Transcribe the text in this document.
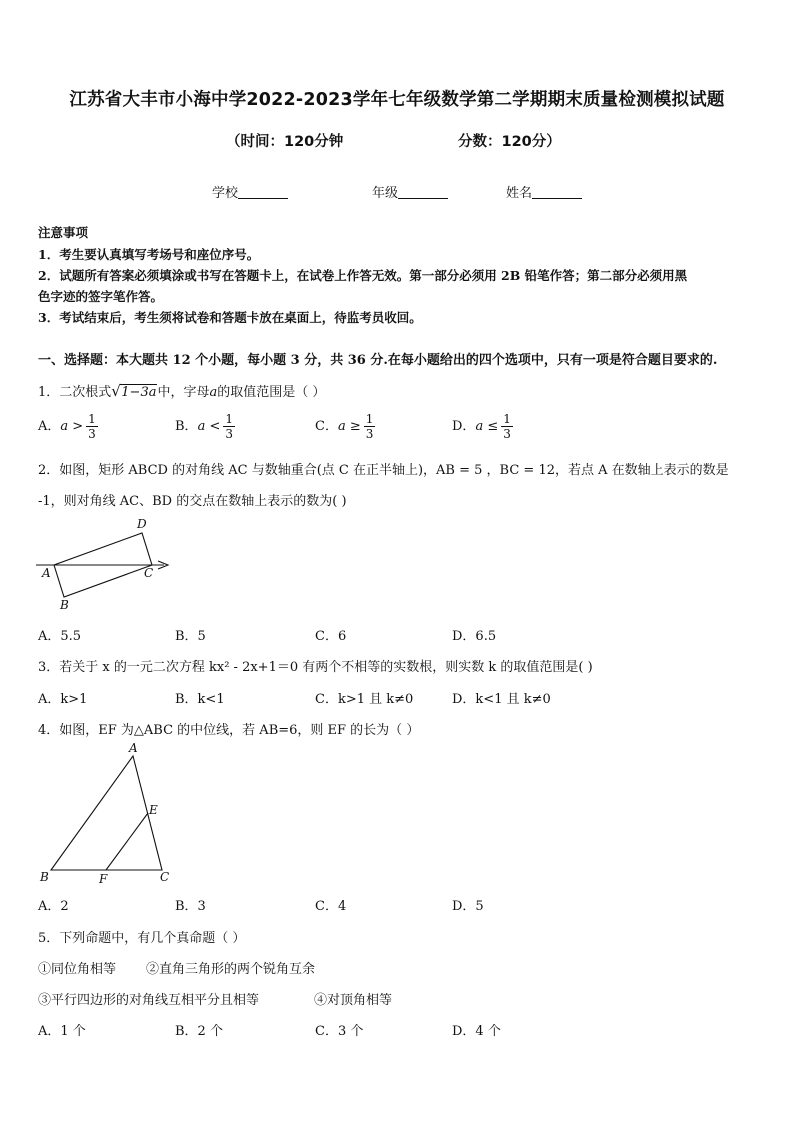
江苏省大丰市小海中学2022-2023学年七年级数学第二学期期末质量检测模拟试题
（时间：120分钟	分数：120分）
学校	年级	姓名
注意事项
1．考生要认真填写考场号和座位序号。
2．试题所有答案必须填涂或书写在答题卡上，在试卷上作答无效。第一部分必须用 2B 铅笔作答；第二部分必须用黑
色字迹的签字笔作答。
3．考试结束后，考生须将试卷和答题卡放在桌面上，待监考员收回。
一、选择题：本大题共 12 个小题，每小题 3 分，共 36 分.在每小题给出的四个选项中，只有一项是符合题目要求的.
1．二次根式 √ 1−3a中，字母a的取值范围是（ ）
A．$a > \frac{1}{3}$	B．$a < \frac{1}{3}$	C．$a \ge \frac{1}{3}$	D．$a \le \frac{1}{3}$
2．如图，矩形 ABCD 的对角线 AC 与数轴重合(点 C 在正半轴上)，AB = 5 ，BC = 12，若点 A 在数轴上表示的数是
-1，则对角线 AC、BD 的交点在数轴上表示的数为( )
A
B
C
D
A．5.5	B．5	C．6	D．6.5
3．若关于 x 的一元二次方程 kx² - 2x+1＝0 有两个不相等的实数根，则实数 k 的取值范围是( )
A．k>1	B．k<1	C．k>1 且 k≠0	D．k<1 且 k≠0
4．如图，EF 为△ABC 的中位线，若 AB=6，则 EF 的长为（ ）
A
B	C
E
F
A．2	B．3	C．4	D．5
5．下列命题中，有几个真命题（ ）
①同位角相等 ②直角三角形的两个锐角互余
③平行四边形的对角线互相平分且相等	④对顶角相等
A．1 个	B．2 个	C．3 个	D．4 个
